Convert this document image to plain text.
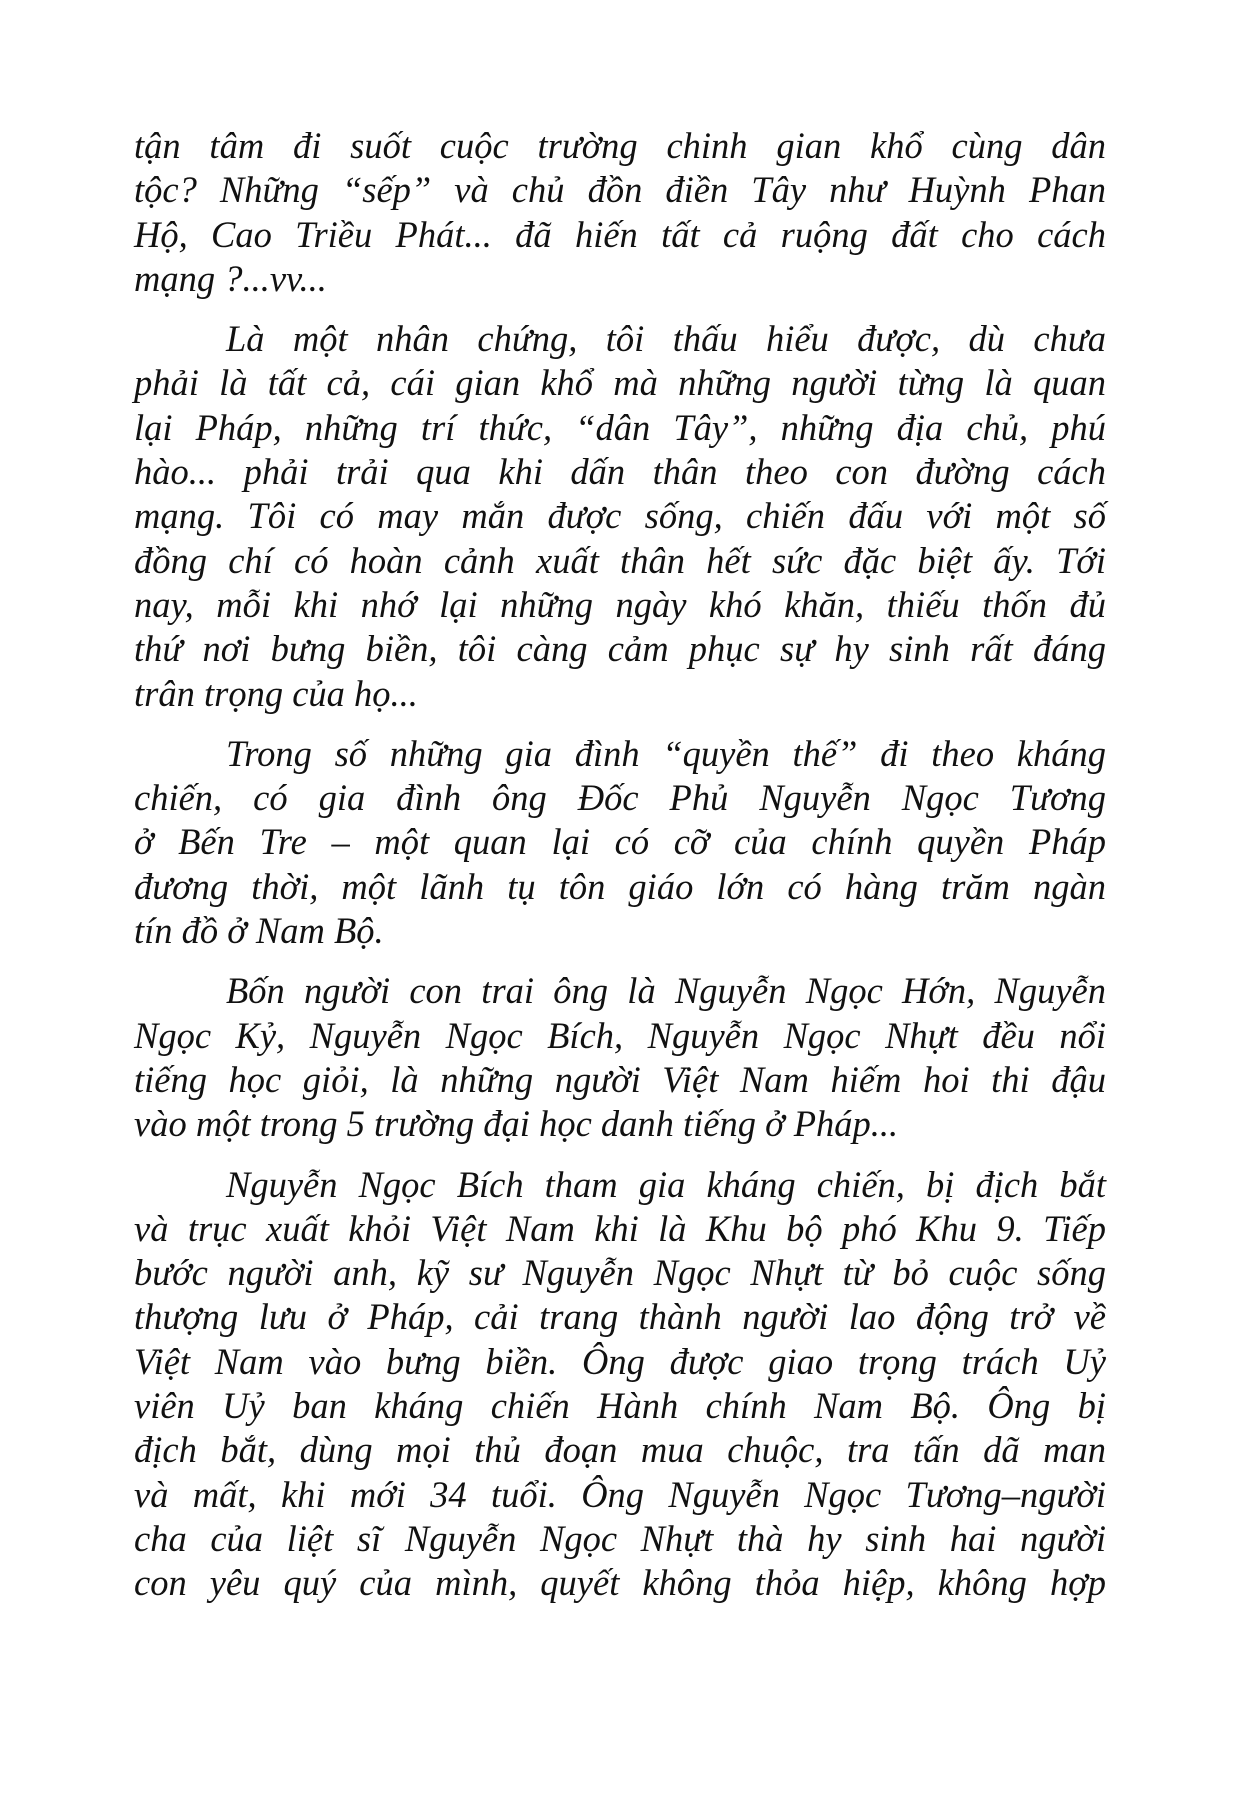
tận tâm đi suốt cuộc trường chinh gian khổ cùng dân
tộc? Những “sếp” và chủ đồn điền Tây như Huỳnh Phan
Hộ, Cao Triều Phát... đã hiến tất cả ruộng đất cho cách
mạng ?...vv...
Là một nhân chứng, tôi thấu hiểu được, dù chưa
phải là tất cả, cái gian khổ mà những người từng là quan
lại Pháp, những trí thức, “dân Tây”, những địa chủ, phú
hào... phải trải qua khi dấn thân theo con đường cách
mạng. Tôi có may mắn được sống, chiến đấu với một số
đồng chí có hoàn cảnh xuất thân hết sức đặc biệt ấy. Tới
nay, mỗi khi nhớ lại những ngày khó khăn, thiếu thốn đủ
thứ nơi bưng biền, tôi càng cảm phục sự hy sinh rất đáng
trân trọng của họ...
Trong số những gia đình “quyền thế” đi theo kháng
chiến, có gia đình ông Đốc Phủ Nguyễn Ngọc Tương
ở Bến Tre – một quan lại có cỡ của chính quyền Pháp
đương thời, một lãnh tụ tôn giáo lớn có hàng trăm ngàn
tín đồ ở Nam Bộ.
Bốn người con trai ông là Nguyễn Ngọc Hớn, Nguyễn
Ngọc Kỷ, Nguyễn Ngọc Bích, Nguyễn Ngọc Nhựt đều nổi
tiếng học giỏi, là những người Việt Nam hiếm hoi thi đậu
vào một trong 5 trường đại học danh tiếng ở Pháp...
Nguyễn Ngọc Bích tham gia kháng chiến, bị địch bắt
và trục xuất khỏi Việt Nam khi là Khu bộ phó Khu 9. Tiếp
bước người anh, kỹ sư Nguyễn Ngọc Nhựt từ bỏ cuộc sống
thượng lưu ở Pháp, cải trang thành người lao động trở về
Việt Nam vào bưng biền. Ông được giao trọng trách Uỷ
viên Uỷ ban kháng chiến Hành chính Nam Bộ. Ông bị
địch bắt, dùng mọi thủ đoạn mua chuộc, tra tấn dã man
và mất, khi mới 34 tuổi. Ông Nguyễn Ngọc Tương–người
cha của liệt sĩ Nguyễn Ngọc Nhựt thà hy sinh hai người
con yêu quý của mình, quyết không thỏa hiệp, không hợp
